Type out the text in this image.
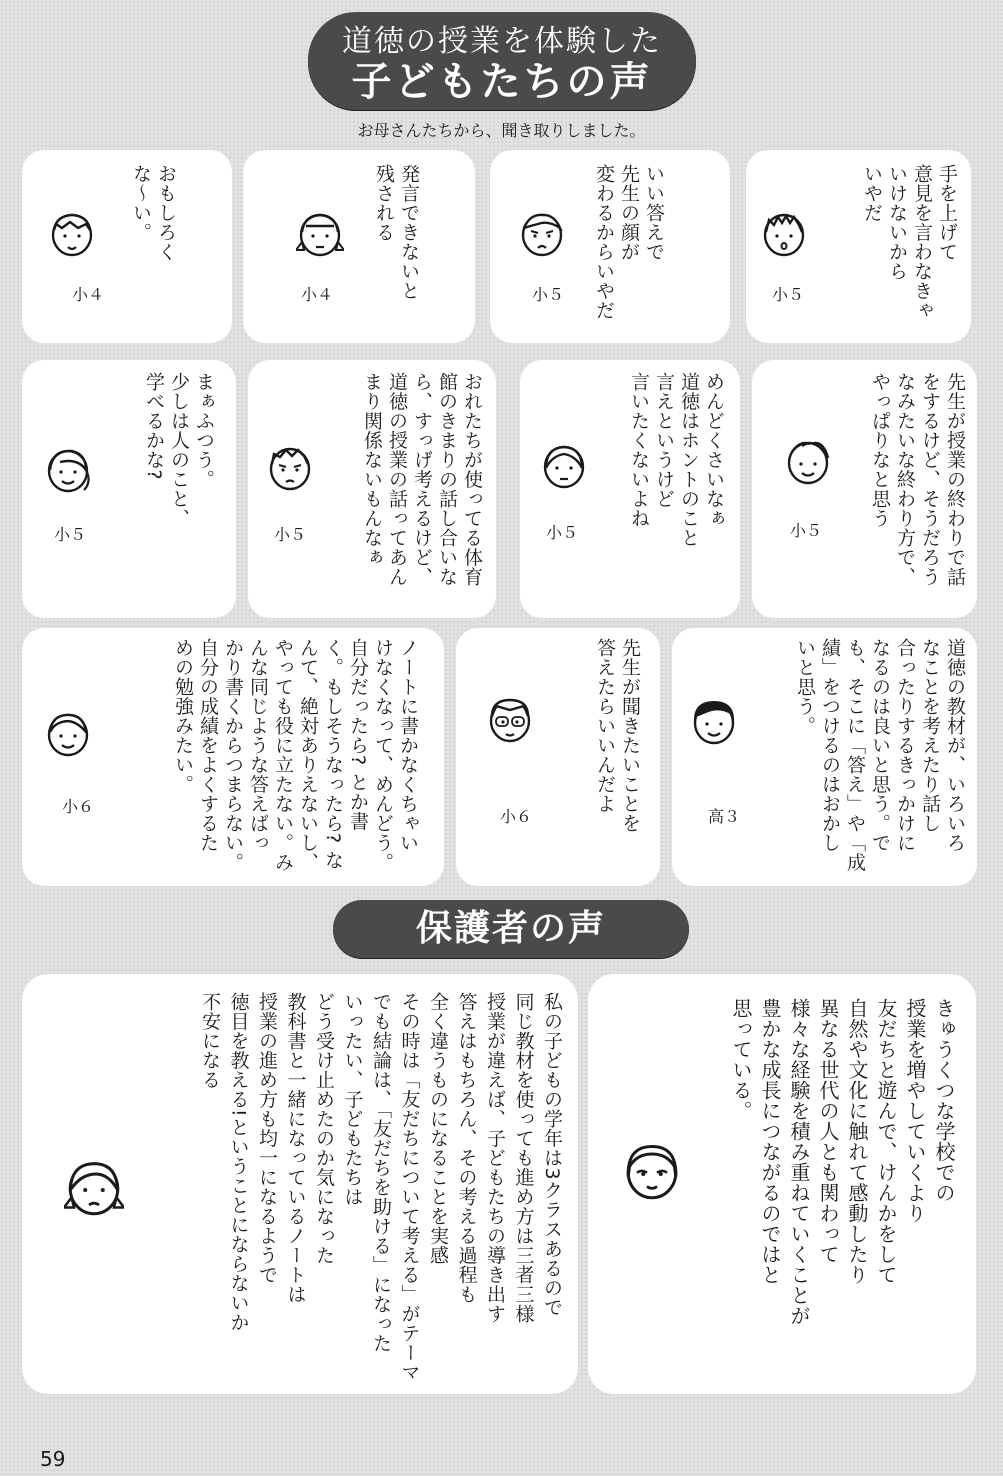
道徳の授業を体験した
子どもたちの声
お母さんたちから、聞き取りしました。
手を上げて
意見を言わなきゃ
いけないから
いやだ
小５
いい答えで
先生の顔が
変わるからいやだ
小５
発言できないと
残される
小４
おもしろく
な〜い。
小４
先生が授業の終わりで話
をするけど、そうだろう
なみたいな終わり方で、
やっぱりなと思う
小５
めんどくさいなぁ
道徳はホントのこと
言えというけど
言いたくないよね
小５
おれたちが使ってる体育
館のきまりの話し合いな
ら、すっげ考えるけど、
道徳の授業の話ってあん
まり関係ないもんなぁ
小５
まぁふつう。
少しは人のこと、
学べるかな?
小５
道徳の教材が、いろいろ
なことを考えたり話し
合ったりするきっかけに
なるのは良いと思う。で
も、そこに「答え」や「成
績」をつけるのはおかし
いと思う。
高３
先生が聞きたいことを
答えたらいいんだよ
小６
ノートに書かなくちゃい
けなくなって、めんどう。
自分だったら? とか書
く。もしそうなったら? な
んて、絶対ありえないし、
やっても役に立たない。み
んな同じような答えばっ
かり書くからつまらない。
自分の成績をよくするた
めの勉強みたい。
小６
保護者の声
きゅうくつな学校での
授業を増やしていくより
友だちと遊んで、けんかをして
自然や文化に触れて感動したり
異なる世代の人とも関わって
様々な経験を積み重ねていくことが
豊かな成長につながるのではと
思っている。
私の子どもの学年は3クラスあるので
同じ教材を使っても進め方は三者三様
授業が違えば、子どもたちの導き出す
答えはもちろん、その考える過程も
全く違うものになることを実感
その時は「友だちについて考える」がテーマ
でも結論は、「友だちを助ける」になった
いったい、子どもたちは
どう受け止めたのか気になった
教科書と一緒になっているノートは
授業の進め方も均一になるようで
徳目を教える!ということにならないか
不安になる
59
